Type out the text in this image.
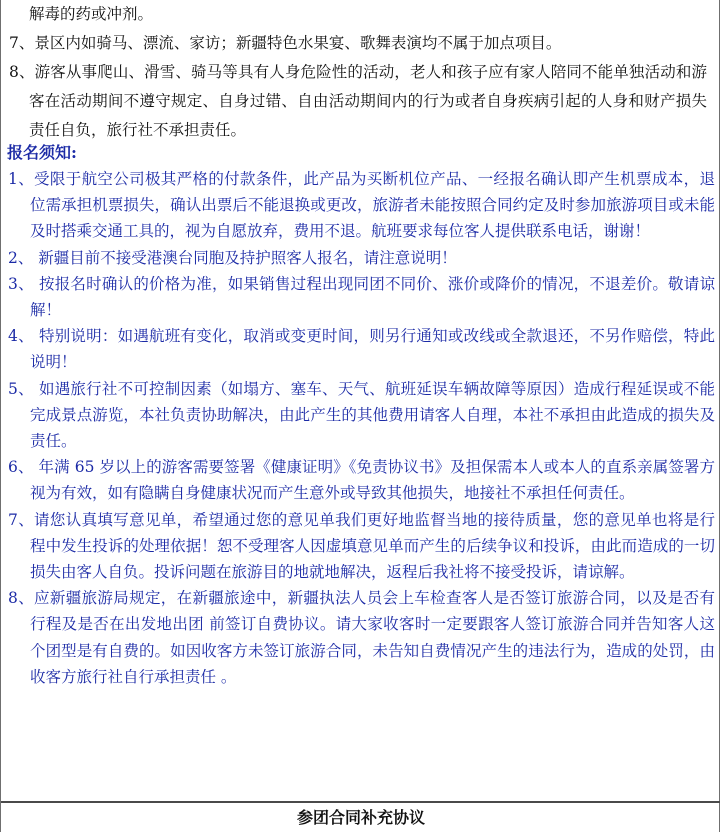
解毒的药或冲剂。
7、景区内如骑马、漂流、家访；新疆特色水果宴、歌舞表演均不属于加点项目。
8、游客从事爬山、滑雪、骑马等具有人身危险性的活动，老人和孩子应有家人陪同不能单独活动和游客在活动期间不遵守规定、自身过错、自由活动期间内的行为或者自身疾病引起的人身和财产损失责任自负，旅行社不承担责任。
报名须知:
1、受限于航空公司极其严格的付款条件，此产品为买断机位产品、一经报名确认即产生机票成本，退位需承担机票损失，确认出票后不能退换或更改，旅游者未能按照合同约定及时参加旅游项目或未能及时搭乘交通工具的，视为自愿放弃，费用不退。航班要求每位客人提供联系电话，谢谢！
2、 新疆目前不接受港澳台同胞及持护照客人报名，请注意说明！
3、 按报名时确认的价格为准，如果销售过程出现同团不同价、涨价或降价的情况，不退差价。敬请谅解！
4、 特别说明：如遇航班有变化，取消或变更时间，则另行通知或改线或全款退还，不另作赔偿，特此说明！
5、 如遇旅行社不可控制因素（如塌方、塞车、天气、航班延误车辆故障等原因）造成行程延误或不能完成景点游览，本社负责协助解决，由此产生的其他费用请客人自理，本社不承担由此造成的损失及责任。
6、 年满 65 岁以上的游客需要签署《健康证明》《免责协议书》及担保需本人或本人的直系亲属签署方视为有效，如有隐瞒自身健康状况而产生意外或导致其他损失，地接社不承担任何责任。
7、请您认真填写意见单，希望通过您的意见单我们更好地监督当地的接待质量，您的意见单也将是行程中发生投诉的处理依据！恕不受理客人因虚填意见单而产生的后续争议和投诉，由此而造成的一切损失由客人自负。投诉问题在旅游目的地就地解决，返程后我社将不接受投诉，请谅解。
8、应新疆旅游局规定，在新疆旅途中，新疆执法人员会上车检查客人是否签订旅游合同，以及是否有行程及是否在出发地出团 前签订自费协议。请大家收客时一定要跟客人签订旅游合同并告知客人这个团型是有自费的。如因收客方未签订旅游合同，未告知自费情况产生的违法行为，造成的处罚，由收客方旅行社自行承担责任 。
参团合同补充协议
